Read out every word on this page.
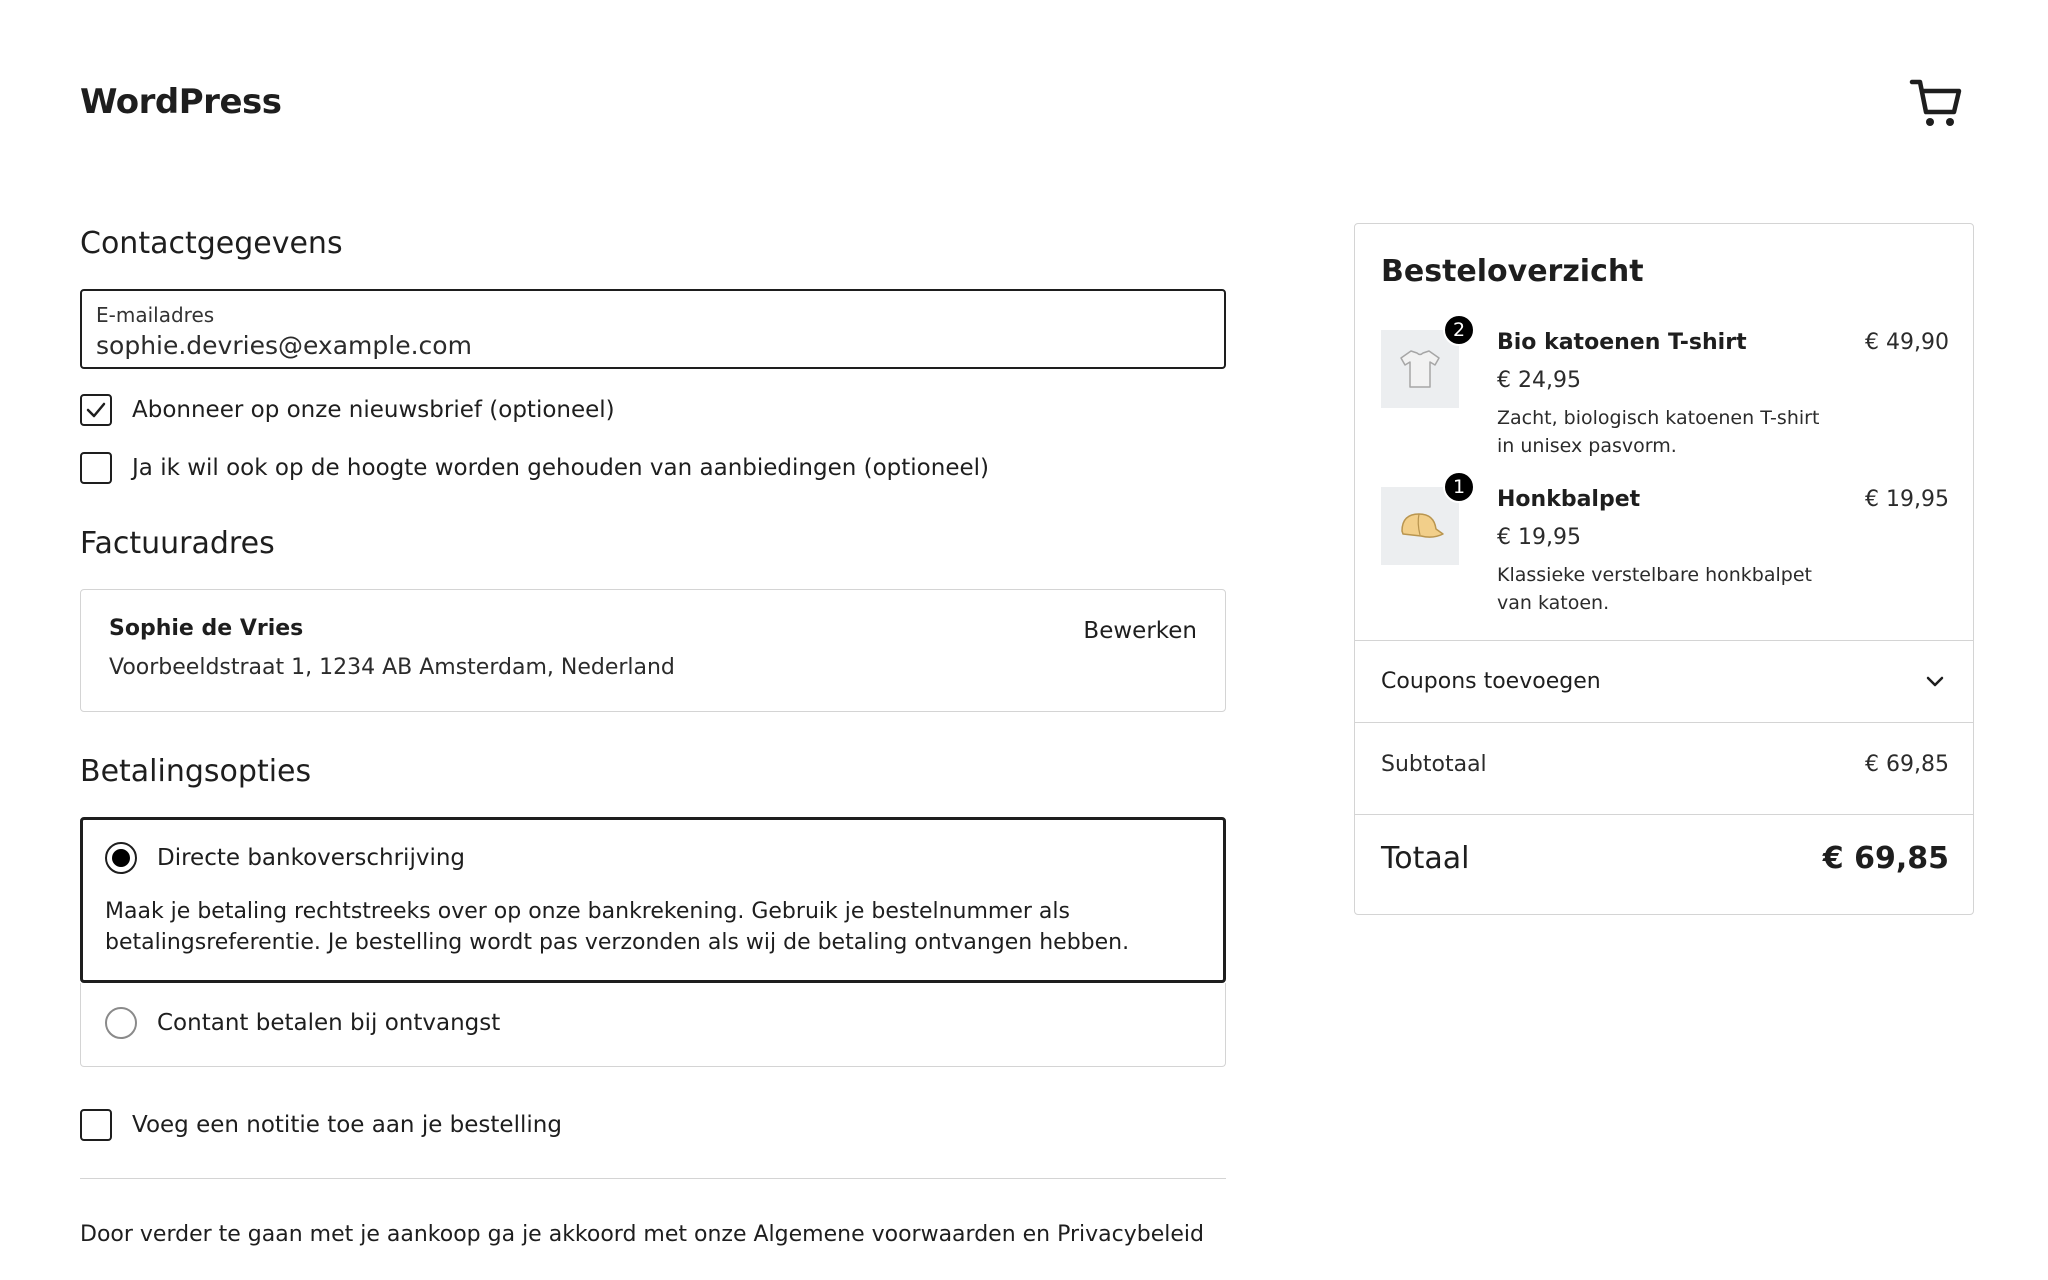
WordPress
Contactgegevens
E-mailadres
sophie.devries@example.com
Abonneer op onze nieuwsbrief (optioneel)
Ja ik wil ook op de hoogte worden gehouden van aanbiedingen (optioneel)
Factuuradres
Sophie de Vries
Voorbeeldstraat 1, 1234 AB Amsterdam, Nederland
Bewerken
Betalingsopties
Directe bankoverschrijving
Maak je betaling rechtstreeks over op onze bankrekening. Gebruik je bestelnummer als betalingsreferentie. Je bestelling wordt pas verzonden als wij de betaling ontvangen hebben.
Contant betalen bij ontvangst
Voeg een notitie toe aan je bestelling
Door verder te gaan met je aankoop ga je akkoord met onze Algemene voorwaarden en Privacybeleid
Besteloverzicht
2	Bio katoenen T-shirt	€ 49,90
€ 24,95
Zacht, biologisch katoenen T-shirt in unisex pasvorm.
1	Honkbalpet	€ 19,95
€ 19,95
Klassieke verstelbare honkbalpet van katoen.
Coupons toevoegen
Subtotaal	€ 69,85
Totaal	€ 69,85
